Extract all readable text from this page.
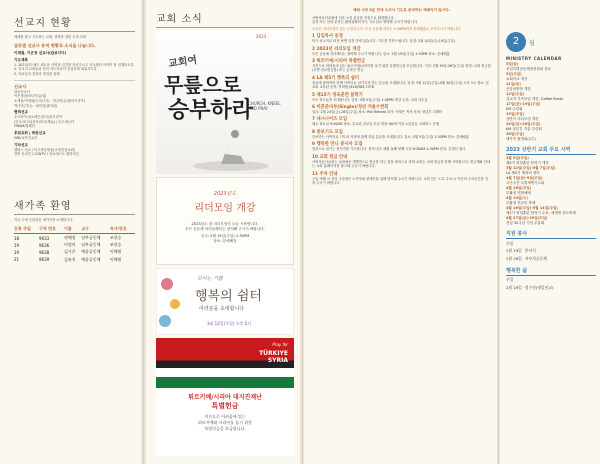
선교지 현황
세계를 품고 기도하는 교회, 열방을 향한 우리 교회
글로벌 선교사 동역 현황과 소식을 나눕니다.
이재범, 이은정 선교사(캄보디아)
기도제목
1. 2023년도에도 새로운 사역과 건강을 지켜주시고 선교센터 사역이 잘 진행되도록
2. 선교지 교회들과 현지 지도자들이 신실하게 세워지도록
3. 자녀들의 건강과 학업을 위해
선교사
파송선교사
이은정(캄보디아/유럽)
소재용/이영희(도미니카) · 정금미(유럽/아프리카)
박나단(가나) · 최미선(필리핀)
협력선교
우크라이나/오레곤/한국/불가리아
(인도/코스타리카/미국/케냐) / 인도네시아
YWAM/컴패션
후원교회 | 학원선교
GMI/교단선교부
기타선교
캠퍼스 선교 / 미주복음방송(소망중앙교회)
열방 선교단 / CGNTV / 선교에스토 협력사업
새가족 환영
지난 주에 등록하신 새가족을 소개합니다.
등록 주일	구역 번호	이름	교구	목사/장로
18	9633	권혜정	남부공동체	조한승
19	9636	이정미	남부공동체	조한승
19	9638	김가은	예종공동체	이해원
21	9639	김유진	예종공동체	이해원
교회 소식
2023
교회여
무릎으로
승부하라
CHURCH, KNEEL AND PRAY
2023년도
리더모임 개강
2023년도 첫 리더모임이 오늘 시작합니다.
모든 공동체 리더들께서는 참석해 주시기 바랍니다.
일시: 2월 19일(주일) 1:30PM
장소: 본예배홀
모이는 기쁨
행복의 쉼터
여러분을 초대합니다
3월 12일(주일) 오후 5시
Pray for
TÜRKIYE SYRIA
튀르키예/시리아 대지진재난
특별헌금
지진으로 어려움에 있는
튀르키예와 시리아를 돕기 위한
특별헌금을 모금합니다.
예배 시작 5분 전에 오셔서 기도로 준비하는 예배자가 됩시다.
사랑의동산교회에 처음 오신 분들을 진심으로 환영합니다.
등록 또는 안내 문의는 환영위원회 또는 사무실로 연락해 주시기 바랍니다.
오늘은 리더모임이 있는 주일입니다. 모든 공동체 리더는 1:30PM까지 본예배홀로 모여주시기 바랍니다.
1 담임목사 동정
미국 선교지로 비전 탐방 일정 중에 있습니다. 기도를 부탁드립니다. 일정: 2월 10일(금)-19일(주일)
2 2023년 리더모임 개강
모든 공동체 리더께서는 참여해 주시기 바랍니다. 일시: 2월 19일(주일) 1:30PM 장소: 본예배홀
3 튀르키예/시리아 특별헌금
지진으로 어려움에 있는 튀르키예/시리아를 돕기 위한 특별헌금을 모금합니다. 기간: 2월 19일-26일(주일) 방법: 교회 헌금함(특별 선교헌금함) 또는 온라인 헌금
4 LA 제5기 행복의 쉼터
선교에 참여하여 함께 사역자로 섬기고자 하는 분들을 초대합니다. 일정: 3월 12일(주일)-4월 30일(주일) 오후 5시 장소: 본교회 교육관 문의: 목회팀 (818)389-7378
5 제15기 영육훈련 봄학기
모든 성도들을 초대합니다. 일정: 3월 5일(주일) 1:30PM 개강 등록: 교회 사무실
6 미혼준비부(Single)/청년 겨울수련회
일시: 2월 24일(금)-26일(주일) 장소: Pali Retreat 강사: 이재은 목사 문의: 청년부 디렉터
7 새시니어즈 모임
매주 화요일 9:30AM 장소: 본교회 친교실 모임 대상: 60세 이상 노년분들 교회버스 운행
8 중보기도 모임
중보하는 사역자로 기도의 자리에 함께 하실 분들을 초대합니다. 일시: 3월 5일(주일) 1:30PM 장소: 본예배홀
9 행복한 만나 봉사자 모집
점심으로 섬기는 봉사자를 기다립니다. 봉사시간: 매월 둘째 넷째 주일 8:30AM-1:30PM 문의: 김영선 권사
10 교회 헌금 안내
사랑의동산교회는 교회에서 개별적으로 헌금을 하는 것을 원칙으로 하며 교회는 교회 헌금을 통해 사역합니다. 헌금계좌 안내는 교회 홈페이지를 참고해 주시기 바랍니다.
11 주차 안내
주일 예배 시 본당 주차장은 노약자와 장애인을 위해 양보해 주시기 바랍니다. 교회 인근 도로 주차 시 이웃의 주차공간을 지켜 주시기 바랍니다.
2	월
MINISTRY CALENDAR
3일(금)
신년특별공동체영성집회 종료
5일(주일)
교회학교 개강
11일(토)
신앙성장반 개강
12일(주일)
설교자 가족모임 개강, Coffee Break
17일(금)-19일(주일)
EM 수련회
19일(주일)
상반기 리더모임 개강
24일(금)-26일(주일)
KM 청년부 겨울 수련회
26일(주일)
새가족 환영회(1부)
2023 상반기 교회 주요 사역
3월 5일(주일)
제5기 영성훈련 봄학기 개강
3월 12일(주일)-5월 7일(주일)
LA 제5기 행복의 쉼터
4월 7일(금)-9일(주일)
고난주간 특별새벽기도회
4월 16일(주일)
부활절 연합예배
4월 19일(수)
부활절 전교인 축제
4월 16일(주일)-5월 14일(주일)
제2기 영성훈련 봄학기 수료, 새생명 전도축제
4월 27일(금)-29일(주일)
전입 30주년 기념 부흥회
직원 봉사
주일
2월 19일 봉서석
2월 26일 서부지공동체
행복한 삶
주일
2월 19일 정수진(생일선교)
